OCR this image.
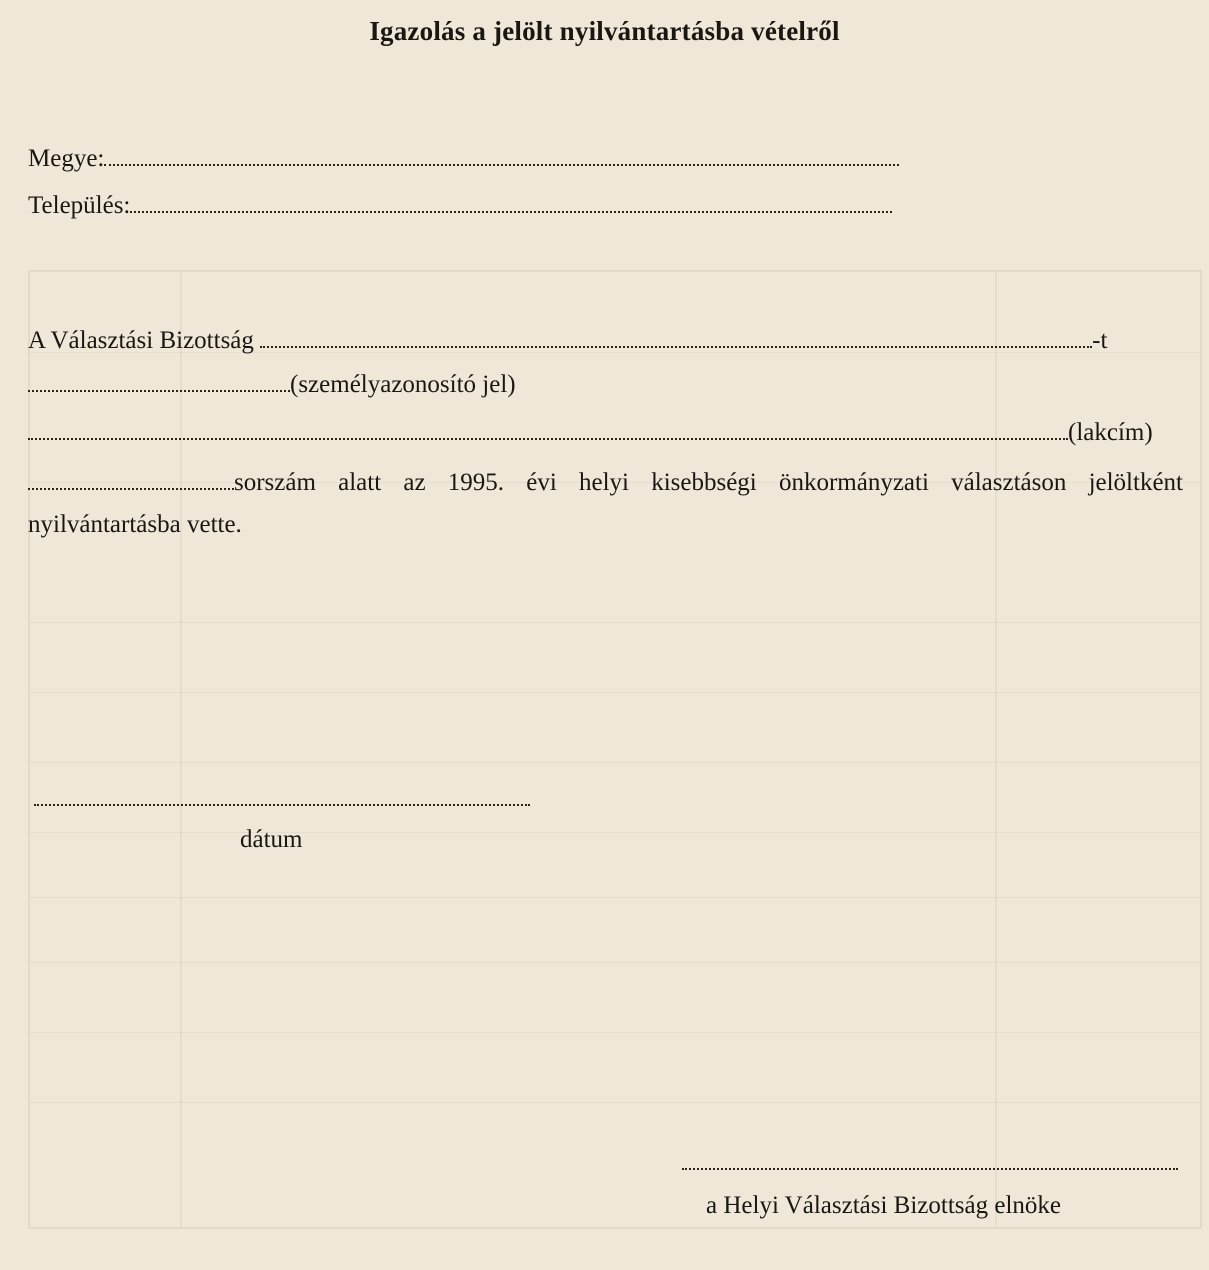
Igazolás a jelölt nyilvántartásba vételről
Megye:
Település:
A Választási Bizottság	-t
(személyazonosító jel)
(lakcím)
sorszám alatt az 1995. évi helyi kisebbségi önkormányzati választáson jelöltként nyilvántartásba vette.
dátum
a Helyi Választási Bizottság elnöke
